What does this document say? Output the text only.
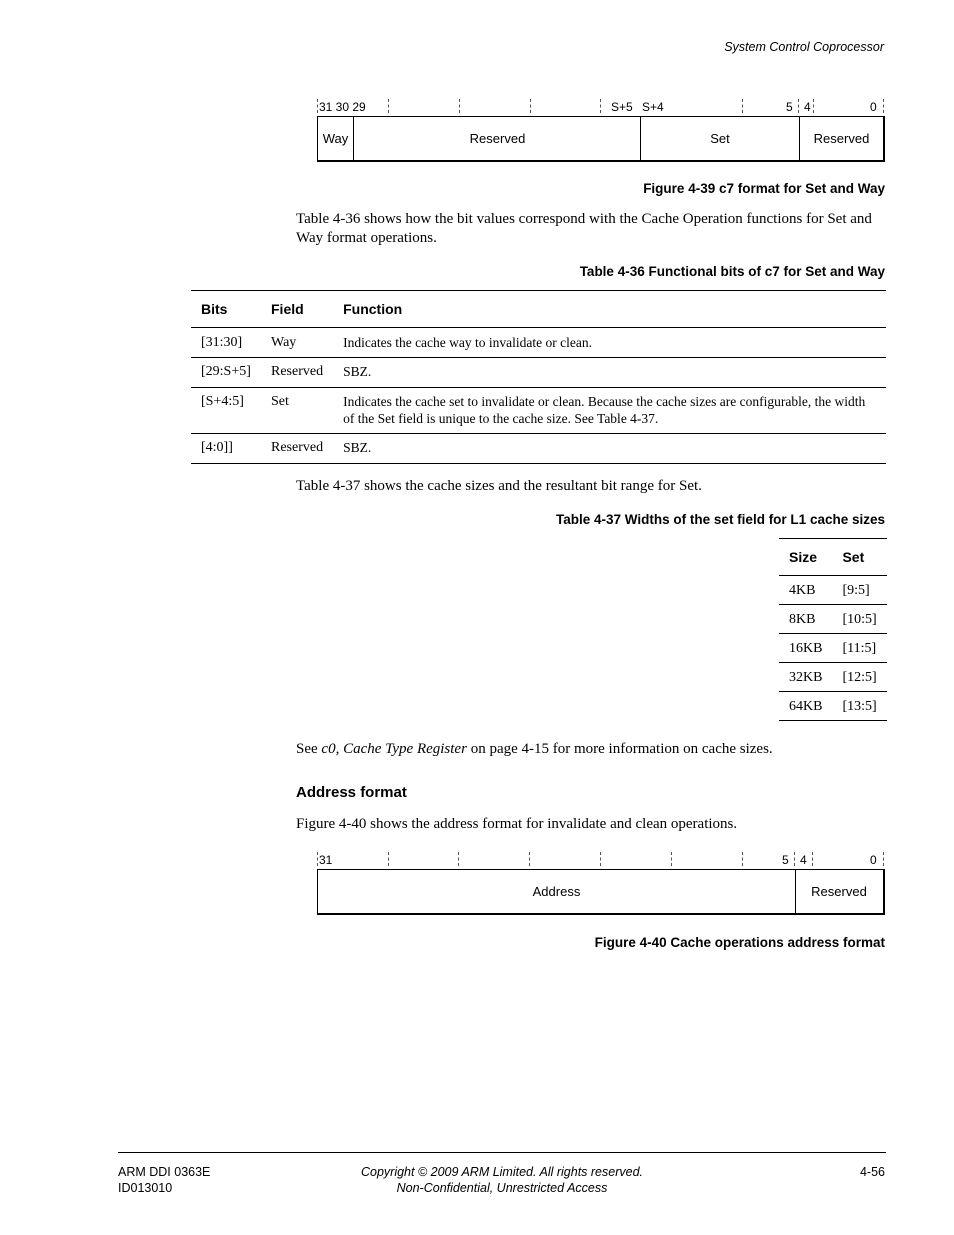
System Control Coprocessor
31 30 29	S+5 S+4	5 4	0
Way	Reserved	Set	Reserved
Figure 4-39 c7 format for Set and Way
Table 4-36 shows how the bit values correspond with the Cache Operation functions for Set and Way format operations.
Table 4-36 Functional bits of c7 for Set and Way
Bits	Field	Function
[31:30]	Way	Indicates the cache way to invalidate or clean.
[29:S+5]	Reserved	SBZ.
[S+4:5]	Set	Indicates the cache set to invalidate or clean. Because the cache sizes are configurable, the width of the Set field is unique to the cache size. See Table 4-37.
[4:0]]	Reserved	SBZ.
Table 4-37 shows the cache sizes and the resultant bit range for Set.
Table 4-37 Widths of the set field for L1 cache sizes
Size	Set
4KB	[9:5]
8KB	[10:5]
16KB	[11:5]
32KB	[12:5]
64KB	[13:5]
See c0, Cache Type Register on page 4-15 for more information on cache sizes.
Address format
Figure 4-40 shows the address format for invalidate and clean operations.
31	5 4	0
Address	Reserved
Figure 4-40 Cache operations address format
ARM DDI 0363E
ID013010
Copyright © 2009 ARM Limited. All rights reserved.
Non-Confidential, Unrestricted Access
4-56
